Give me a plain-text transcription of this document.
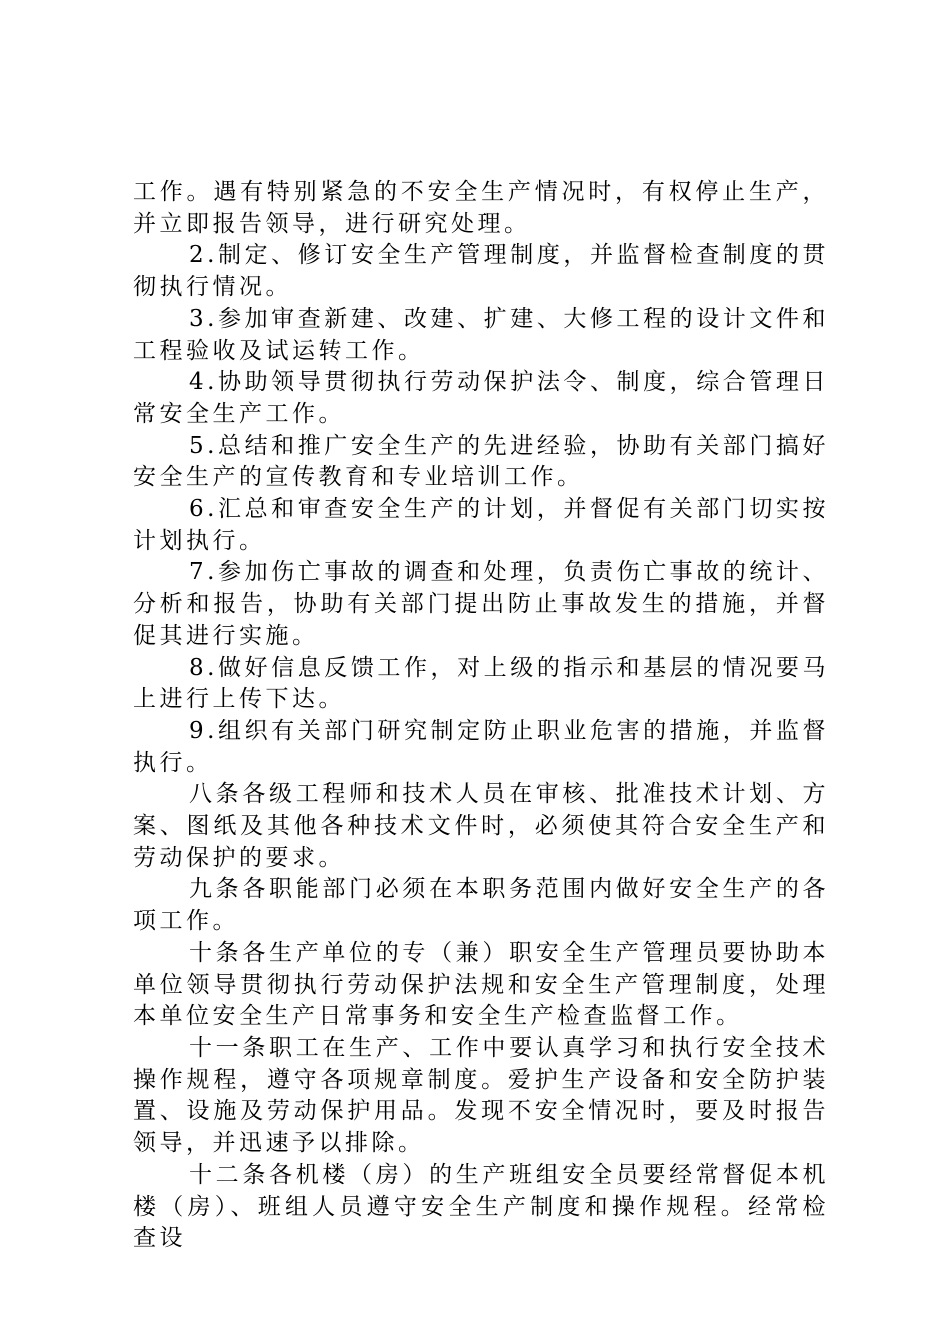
工作。遇有特别紧急的不安全生产情况时，有权停止生产，并立即报告领导，进行研究处理。

2.制定、修订安全生产管理制度，并监督检查制度的贯彻执行情况。

3.参加审查新建、改建、扩建、大修工程的设计文件和工程验收及试运转工作。

4.协助领导贯彻执行劳动保护法令、制度，综合管理日常安全生产工作。

5.总结和推广安全生产的先进经验，协助有关部门搞好安全生产的宣传教育和专业培训工作。

6.汇总和审查安全生产的计划，并督促有关部门切实按计划执行。

7.参加伤亡事故的调查和处理，负责伤亡事故的统计、分析和报告，协助有关部门提出防止事故发生的措施，并督促其进行实施。

8.做好信息反馈工作，对上级的指示和基层的情况要马上进行上传下达。

9.组织有关部门研究制定防止职业危害的措施，并监督执行。

八条各级工程师和技术人员在审核、批准技术计划、方案、图纸及其他各种技术文件时，必须使其符合安全生产和劳动保护的要求。

九条各职能部门必须在本职务范围内做好安全生产的各项工作。

十条各生产单位的专（兼）职安全生产管理员要协助本单位领导贯彻执行劳动保护法规和安全生产管理制度，处理本单位安全生产日常事务和安全生产检查监督工作。

十一条职工在生产、工作中要认真学习和执行安全技术操作规程，遵守各项规章制度。爱护生产设备和安全防护装置、设施及劳动保护用品。发现不安全情况时，要及时报告领导，并迅速予以排除。

十二条各机楼（房）的生产班组安全员要经常督促本机楼（房）、班组人员遵守安全生产制度和操作规程。经常检查设
